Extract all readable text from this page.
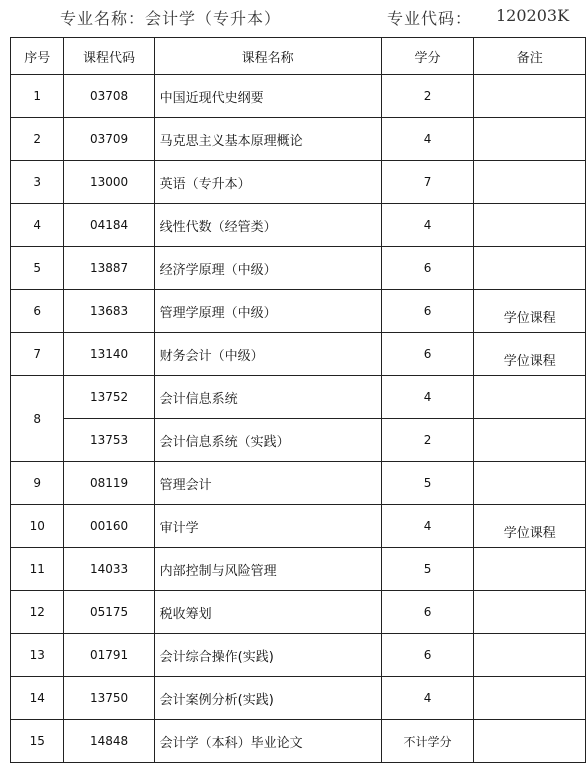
专业名称：会计学（专升本）	专业代码： 120203K
序号	课程代码	课程名称	学分	备注
1	03708	中国近现代史纲要	2	
2	03709	马克思主义基本原理概论	4	
3	13000	英语（专升本）	7	
4	04184	线性代数（经管类）	4	
5	13887	经济学原理（中级）	6	
6	13683	管理学原理（中级）	6	学位课程
7	13140	财务会计（中级）	6	学位课程
8	13752	会计信息系统	4	
	13753	会计信息系统（实践）	2	
9	08119	管理会计	5	
10	00160	审计学	4	学位课程
11	14033	内部控制与风险管理	5	
12	05175	税收筹划	6	
13	01791	会计综合操作(实践)	6	
14	13750	会计案例分析(实践)	4	
15	14848	会计学（本科）毕业论文	不计学分	
